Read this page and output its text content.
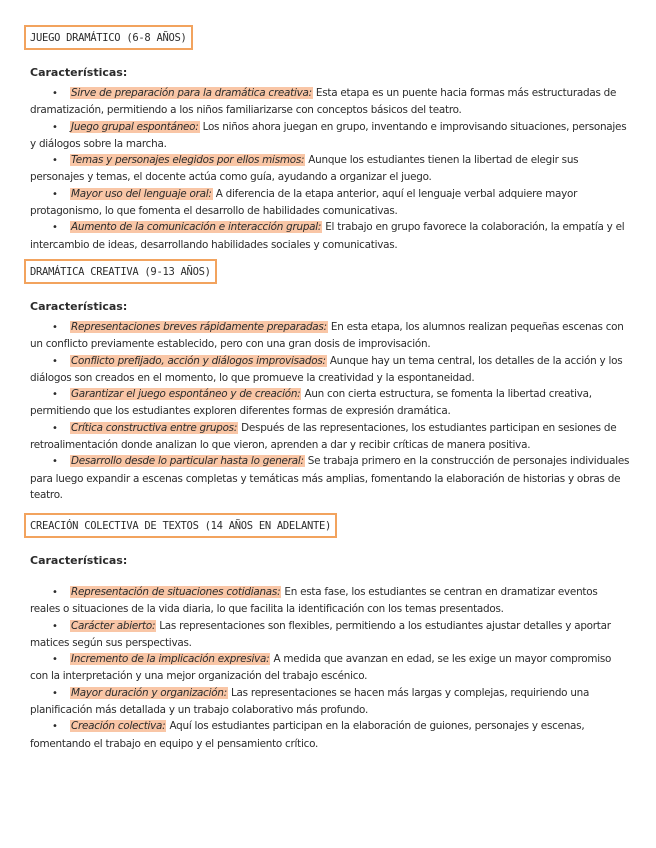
JUEGO DRAMÁTICO (6-8 AÑOS)
Características:
• Sirve de preparación para la dramática creativa: Esta etapa es un puente hacia formas más estructuradas de dramatización, permitiendo a los niños familiarizarse con conceptos básicos del teatro.
• Juego grupal espontáneo: Los niños ahora juegan en grupo, inventando e improvisando situaciones, personajes y diálogos sobre la marcha.
• Temas y personajes elegidos por ellos mismos: Aunque los estudiantes tienen la libertad de elegir sus personajes y temas, el docente actúa como guía, ayudando a organizar el juego.
• Mayor uso del lenguaje oral: A diferencia de la etapa anterior, aquí el lenguaje verbal adquiere mayor protagonismo, lo que fomenta el desarrollo de habilidades comunicativas.
• Aumento de la comunicación e interacción grupal: El trabajo en grupo favorece la colaboración, la empatía y el intercambio de ideas, desarrollando habilidades sociales y comunicativas.
DRAMÁTICA CREATIVA (9-13 AÑOS)
Características:
• Representaciones breves rápidamente preparadas: En esta etapa, los alumnos realizan pequeñas escenas con un conflicto previamente establecido, pero con una gran dosis de improvisación.
• Conflicto prefijado, acción y diálogos improvisados: Aunque hay un tema central, los detalles de la acción y los diálogos son creados en el momento, lo que promueve la creatividad y la espontaneidad.
• Garantizar el juego espontáneo y de creación: Aun con cierta estructura, se fomenta la libertad creativa, permitiendo que los estudiantes exploren diferentes formas de expresión dramática.
• Crítica constructiva entre grupos: Después de las representaciones, los estudiantes participan en sesiones de retroalimentación donde analizan lo que vieron, aprenden a dar y recibir críticas de manera positiva.
• Desarrollo desde lo particular hasta lo general: Se trabaja primero en la construcción de personajes individuales para luego expandir a escenas completas y temáticas más amplias, fomentando la elaboración de historias y obras de teatro.
CREACIÓN COLECTIVA DE TEXTOS (14 AÑOS EN ADELANTE)
Características:
• Representación de situaciones cotidianas: En esta fase, los estudiantes se centran en dramatizar eventos reales o situaciones de la vida diaria, lo que facilita la identificación con los temas presentados.
• Carácter abierto: Las representaciones son flexibles, permitiendo a los estudiantes ajustar detalles y aportar matices según sus perspectivas.
• Incremento de la implicación expresiva: A medida que avanzan en edad, se les exige un mayor compromiso con la interpretación y una mejor organización del trabajo escénico.
• Mayor duración y organización: Las representaciones se hacen más largas y complejas, requiriendo una planificación más detallada y un trabajo colaborativo más profundo.
• Creación colectiva: Aquí los estudiantes participan en la elaboración de guiones, personajes y escenas, fomentando el trabajo en equipo y el pensamiento crítico.
